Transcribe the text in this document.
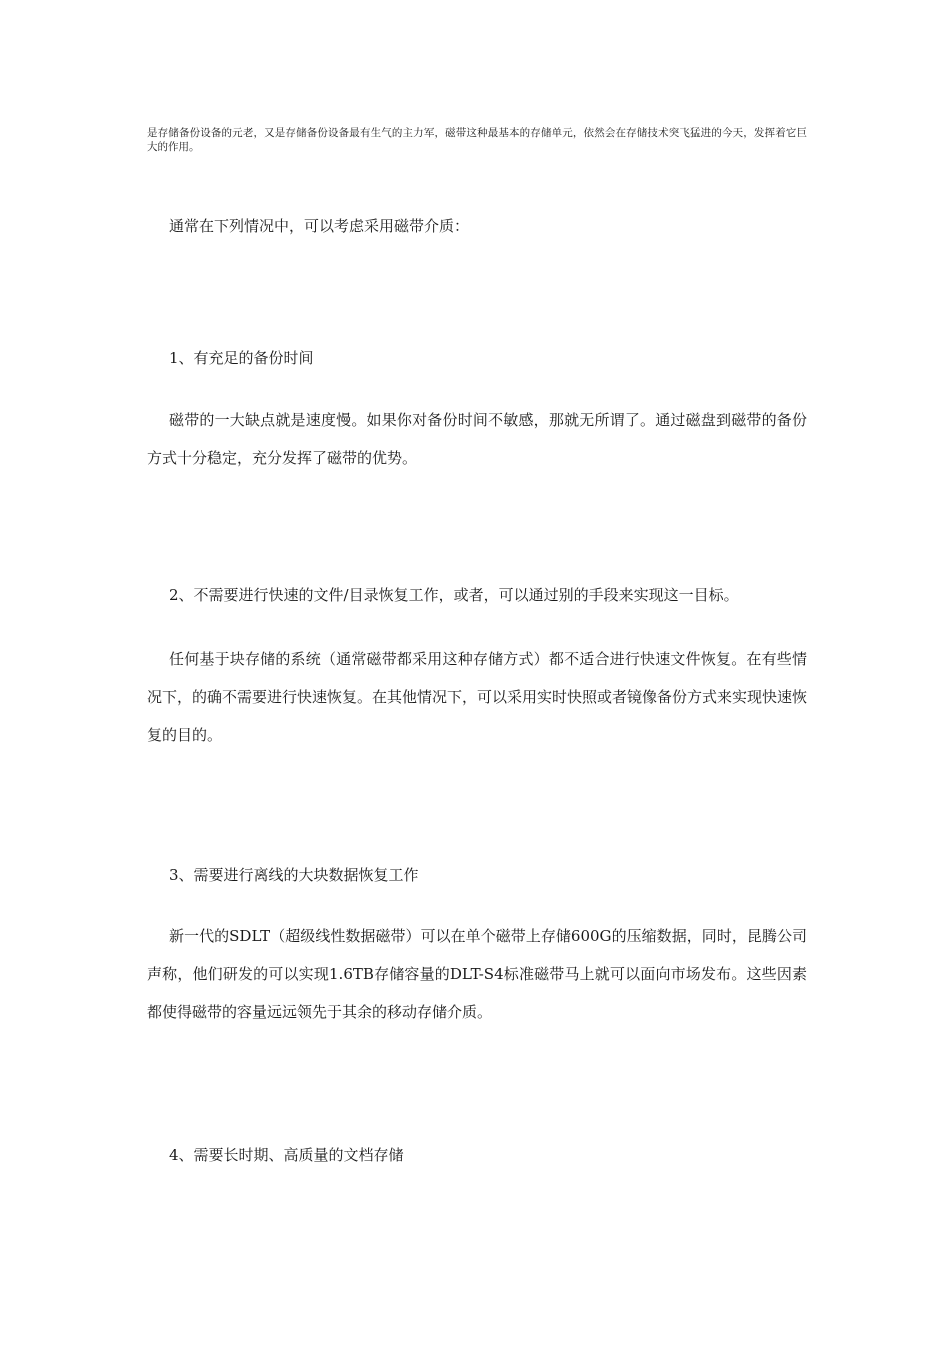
是存储备份设备的元老，又是存储备份设备最有生气的主力军，磁带这种最基本的存储单元，依然会在存储技术突飞猛进的今天，发挥着它巨大的作用。

通常在下列情况中，可以考虑采用磁带介质：

1、有充足的备份时间

磁带的一大缺点就是速度慢。如果你对备份时间不敏感，那就无所谓了。通过磁盘到磁带的备份方式十分稳定，充分发挥了磁带的优势。

2、不需要进行快速的文件/目录恢复工作，或者，可以通过别的手段来实现这一目标。

任何基于块存储的系统（通常磁带都采用这种存储方式）都不适合进行快速文件恢复。在有些情况下，的确不需要进行快速恢复。在其他情况下，可以采用实时快照或者镜像备份方式来实现快速恢复的目的。

3、需要进行离线的大块数据恢复工作

新一代的SDLT（超级线性数据磁带）可以在单个磁带上存储600G的压缩数据，同时，昆腾公司声称，他们研发的可以实现1.6TB存储容量的DLT-S4标准磁带马上就可以面向市场发布。这些因素都使得磁带的容量远远领先于其余的移动存储介质。

4、需要长时期、高质量的文档存储
